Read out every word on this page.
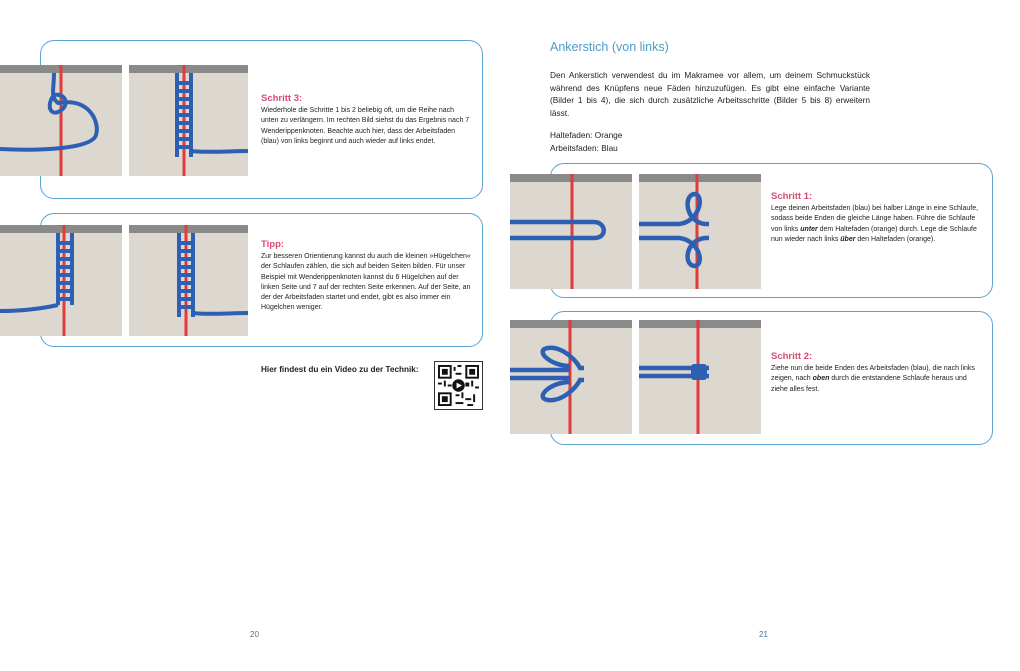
Schritt 3:
Wiederhole die Schritte 1 bis 2 beliebig oft, um die Reihe nach unten zu verlängern. Im rechten Bild siehst du das Ergebnis nach 7 Wenderippenknoten. Beachte auch hier, dass der Arbeitsfaden (blau) von links beginnt und auch wieder auf links endet.
Tipp:
Zur besseren Orientierung kannst du auch die kleinen »Hügelchen« der Schlaufen zählen, die sich auf beiden Seiten bilden. Für unser Beispiel mit Wenderippenknoten kannst du 6 Hügelchen auf der linken Seite und 7 auf der rechten Seite erkennen. Auf der Seite, an der der Arbeitsfaden startet und endet, gibt es also immer ein Hügelchen weniger.
Hier findest du ein Video zu der Technik:
20
Ankerstich (von links)
Den Ankerstich verwendest du im Makramee vor allem, um deinem Schmuckstück während des Knüpfens neue Fäden hinzuzufügen. Es gibt eine einfache Variante (Bilder 1 bis 4), die sich durch zusätzliche Arbeitsschritte (Bilder 5 bis 8) erweitern lässt.
Haltefaden: Orange
Arbeitsfaden: Blau
Schritt 1:
Lege deinen Arbeitsfaden (blau) bei halber Länge in eine Schlaufe, sodass beide Enden die gleiche Länge haben. Führe die Schlaufe von links unter dem Haltefaden (orange) durch. Lege die Schlaufe nun wieder nach links über den Haltefaden (orange).
Schritt 2:
Ziehe nun die beide Enden des Arbeitsfaden (blau), die nach links zeigen, nach oben durch die entstandene Schlaufe heraus und ziehe alles fest.
21
